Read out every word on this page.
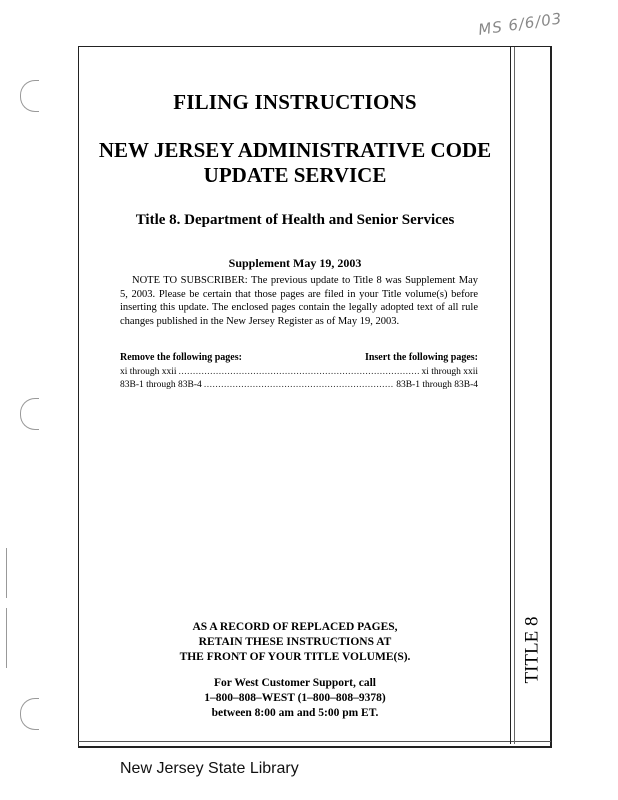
MS 6/6/03
TITLE 8
FILING INSTRUCTIONS
NEW JERSEY ADMINISTRATIVE CODE
UPDATE SERVICE
Title 8. Department of Health and Senior Services
Supplement May 19, 2003
NOTE TO SUBSCRIBER: The previous update to Title 8 was Supplement May 5, 2003. Please be certain that those pages are filed in your Title volume(s) before inserting this update. The enclosed pages contain the legally adopted text of all rule changes published in the New Jersey Register as of May 19, 2003.
Remove the following pages:	Insert the following pages:
xi through xxii .....	xi through xxii
83B-1 through 83B-4 .....	83B-1 through 83B-4
AS A RECORD OF REPLACED PAGES,
RETAIN THESE INSTRUCTIONS AT
THE FRONT OF YOUR TITLE VOLUME(S).
For West Customer Support, call
1–800–808–WEST (1–800–808–9378)
between 8:00 am and 5:00 pm ET.
New Jersey State Library
